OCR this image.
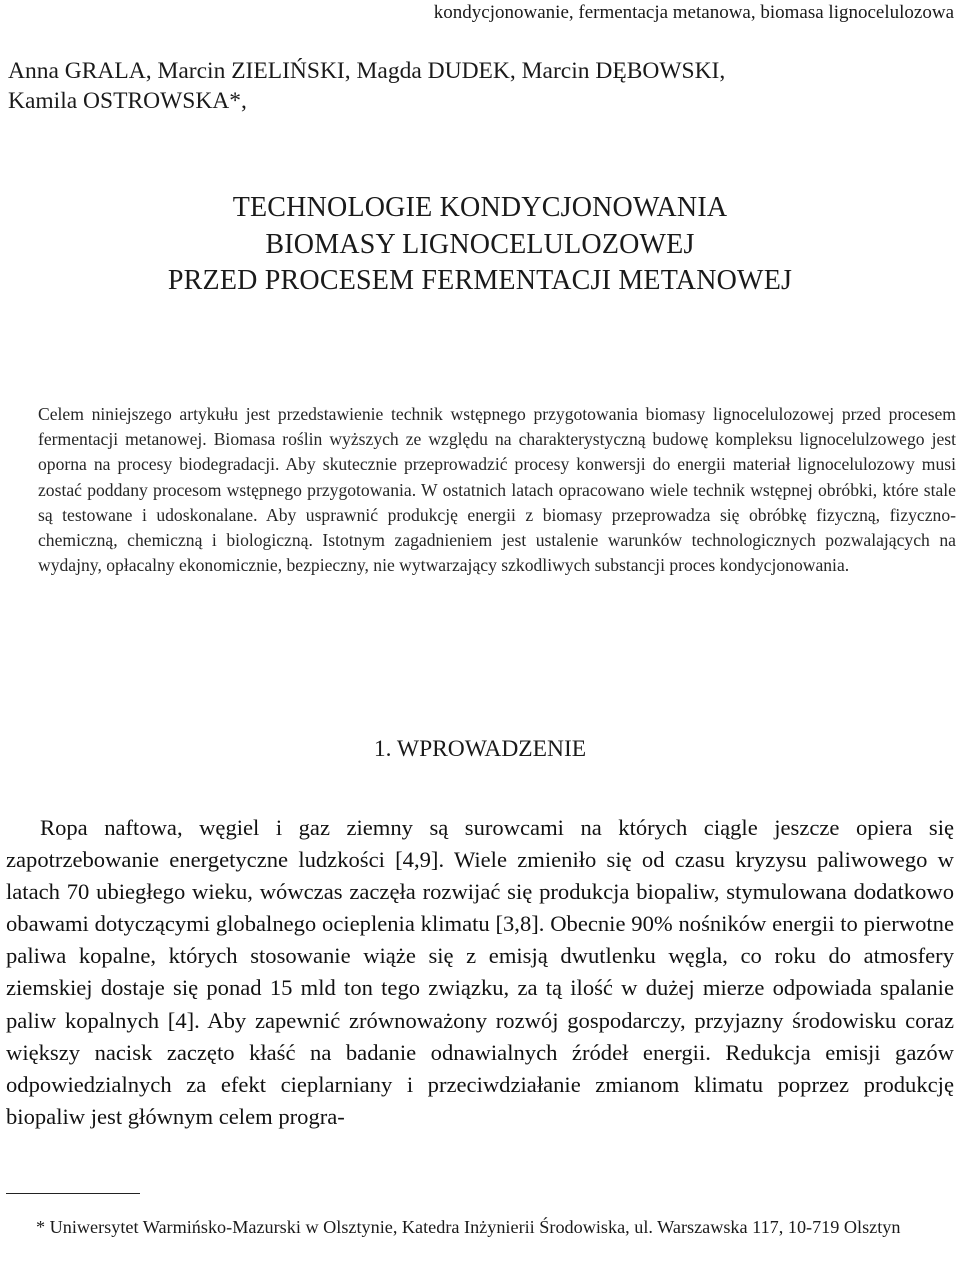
kondycjonowanie, fermentacja metanowa, biomasa lignocelulozowa
Anna GRALA, Marcin ZIELIŃSKI, Magda DUDEK, Marcin DĘBOWSKI,
Kamila OSTROWSKA*,
TECHNOLOGIE KONDYCJONOWANIA
BIOMASY LIGNOCELULOZOWEJ
PRZED PROCESEM FERMENTACJI METANOWEJ
Celem niniejszego artykułu jest przedstawienie technik wstępnego przygotowania biomasy lignocelulozowej przed procesem fermentacji metanowej. Biomasa roślin wyższych ze względu na charakterystyczną budowę kompleksu lignocelulzowego jest oporna na procesy biodegradacji. Aby skutecznie przeprowadzić procesy konwersji do energii materiał lignocelulozowy musi zostać poddany procesom wstępnego przygotowania. W ostatnich latach opracowano wiele technik wstępnej obróbki, które stale są testowane i udoskonalane. Aby usprawnić produkcję energii z biomasy przeprowadza się obróbkę fizyczną, fizyczno-chemiczną, chemiczną i biologiczną. Istotnym zagadnieniem jest ustalenie warunków technologicznych pozwalających na wydajny, opłacalny ekonomicznie, bezpieczny, nie wytwarzający szkodliwych substancji proces kondycjonowania.
1. WPROWADZENIE
Ropa naftowa, węgiel i gaz ziemny są surowcami na których ciągle jeszcze opiera się zapotrzebowanie energetyczne ludzkości [4,9]. Wiele zmieniło się od czasu kryzysu paliwowego w latach 70 ubiegłego wieku, wówczas zaczęła rozwijać się produkcja biopaliw, stymulowana dodatkowo obawami dotyczącymi globalnego ocieplenia klimatu [3,8]. Obecnie 90% nośników energii to pierwotne paliwa kopalne, których stosowanie wiąże się z emisją dwutlenku węgla, co roku do atmosfery ziemskiej dostaje się ponad 15 mld ton tego związku, za tą ilość w dużej mierze odpowiada spalanie paliw kopalnych [4]. Aby zapewnić zrównoważony rozwój gospodarczy, przyjazny środowisku coraz większy nacisk zaczęto kłaść na badanie odnawialnych źródeł energii. Redukcja emisji gazów odpowiedzialnych za efekt cieplarniany i przeciwdziałanie zmianom klimatu poprzez produkcję biopaliw jest głównym celem progra-
* Uniwersytet Warmińsko-Mazurski w Olsztynie, Katedra Inżynierii Środowiska, ul. Warszawska 117, 10-719 Olsztyn
